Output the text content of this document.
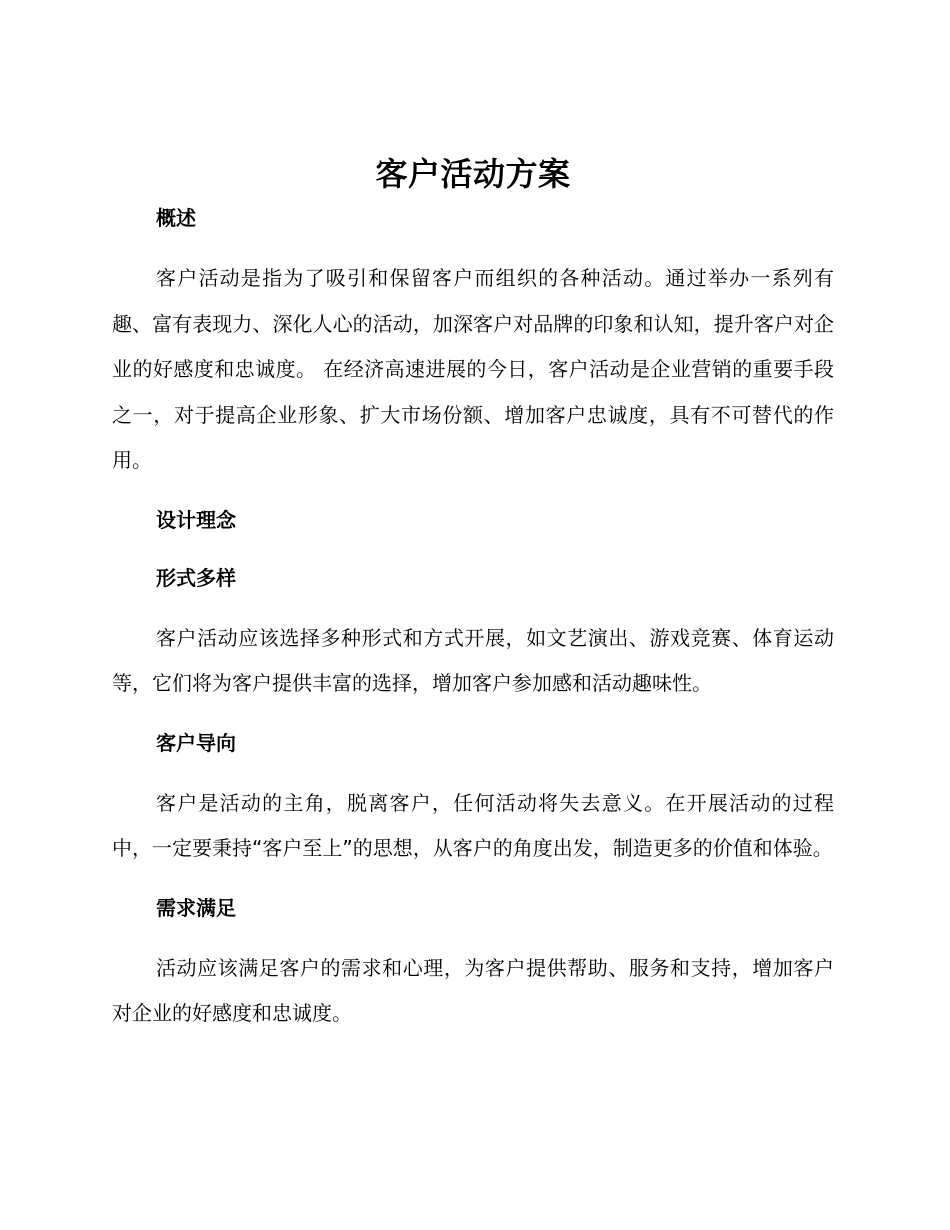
客户活动方案
概述

客户活动是指为了吸引和保留客户而组织的各种活动。通过举办一系列有趣、富有表现力、深化人心的活动，加深客户对品牌的印象和认知，提升客户对企业的好感度和忠诚度。 在经济高速进展的今日，客户活动是企业营销的重要手段之一，对于提高企业形象、扩大市场份额、增加客户忠诚度，具有不可替代的作用。

设计理念
形式多样

客户活动应该选择多种形式和方式开展，如文艺演出、游戏竞赛、体育运动等，它们将为客户提供丰富的选择，增加客户参加感和活动趣味性。

客户导向

客户是活动的主角，脱离客户，任何活动将失去意义。在开展活动的过程中，一定要秉持“客户至上”的思想，从客户的角度出发，制造更多的价值和体验。

需求满足

活动应该满足客户的需求和心理，为客户提供帮助、服务和支持，增加客户对企业的好感度和忠诚度。
